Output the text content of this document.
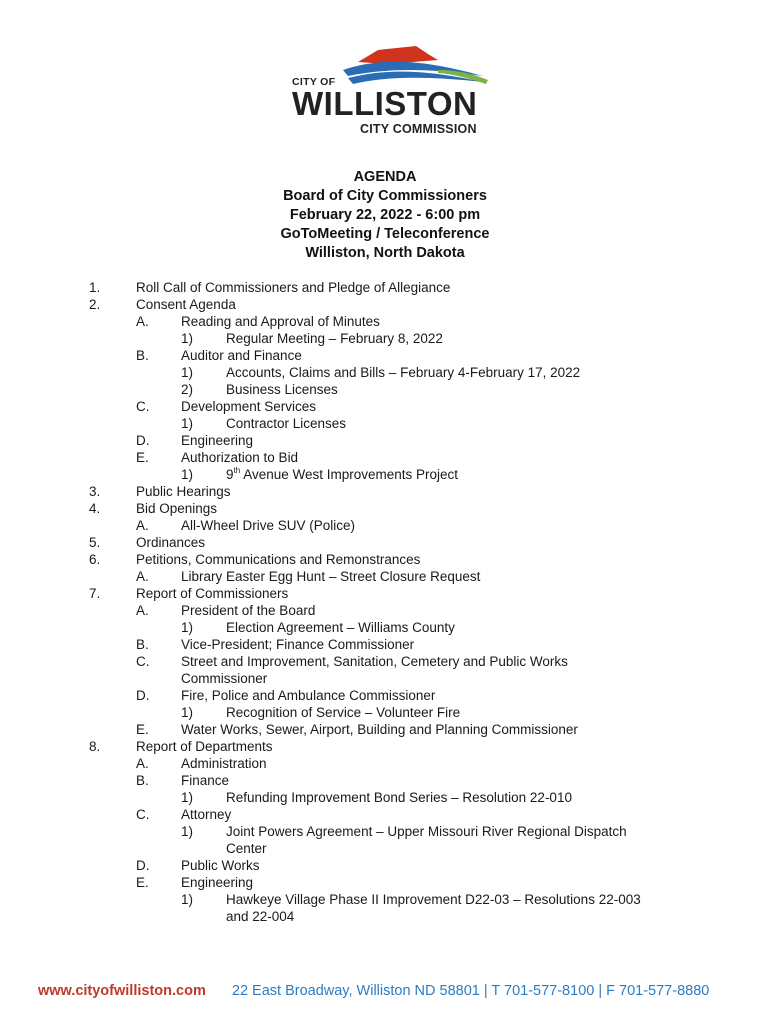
CITY OF
WILLISTON
CITY COMMISSION
AGENDA
Board of City Commissioners
February 22, 2022 - 6:00 pm
GoToMeeting / Teleconference
Williston, North Dakota
1.	Roll Call of Commissioners and Pledge of Allegiance
2.	Consent Agenda
A. Reading and Approval of Minutes
1) Regular Meeting – February 8, 2022
B. Auditor and Finance
1) Accounts, Claims and Bills – February 4-February 17, 2022
2) Business Licenses
C. Development Services
1) Contractor Licenses
D. Engineering
E. Authorization to Bid
1) 9th Avenue West Improvements Project
3.	Public Hearings
4.	Bid Openings
A. All-Wheel Drive SUV (Police)
5.	Ordinances
6.	Petitions, Communications and Remonstrances
A. Library Easter Egg Hunt – Street Closure Request
7.	Report of Commissioners
A. President of the Board
1) Election Agreement – Williams County
B. Vice-President; Finance Commissioner
C. Street and Improvement, Sanitation, Cemetery and Public Works
Commissioner
D. Fire, Police and Ambulance Commissioner
1) Recognition of Service – Volunteer Fire
E. Water Works, Sewer, Airport, Building and Planning Commissioner
8.	Report of Departments
A. Administration
B. Finance
1) Refunding Improvement Bond Series – Resolution 22-010
C. Attorney
1) Joint Powers Agreement – Upper Missouri River Regional Dispatch
Center
D. Public Works
E. Engineering
1) Hawkeye Village Phase II Improvement D22-03 – Resolutions 22-003
and 22-004
www.cityofwilliston.com 22 East Broadway, Williston ND 58801 | T 701-577-8100 | F 701-577-8880
